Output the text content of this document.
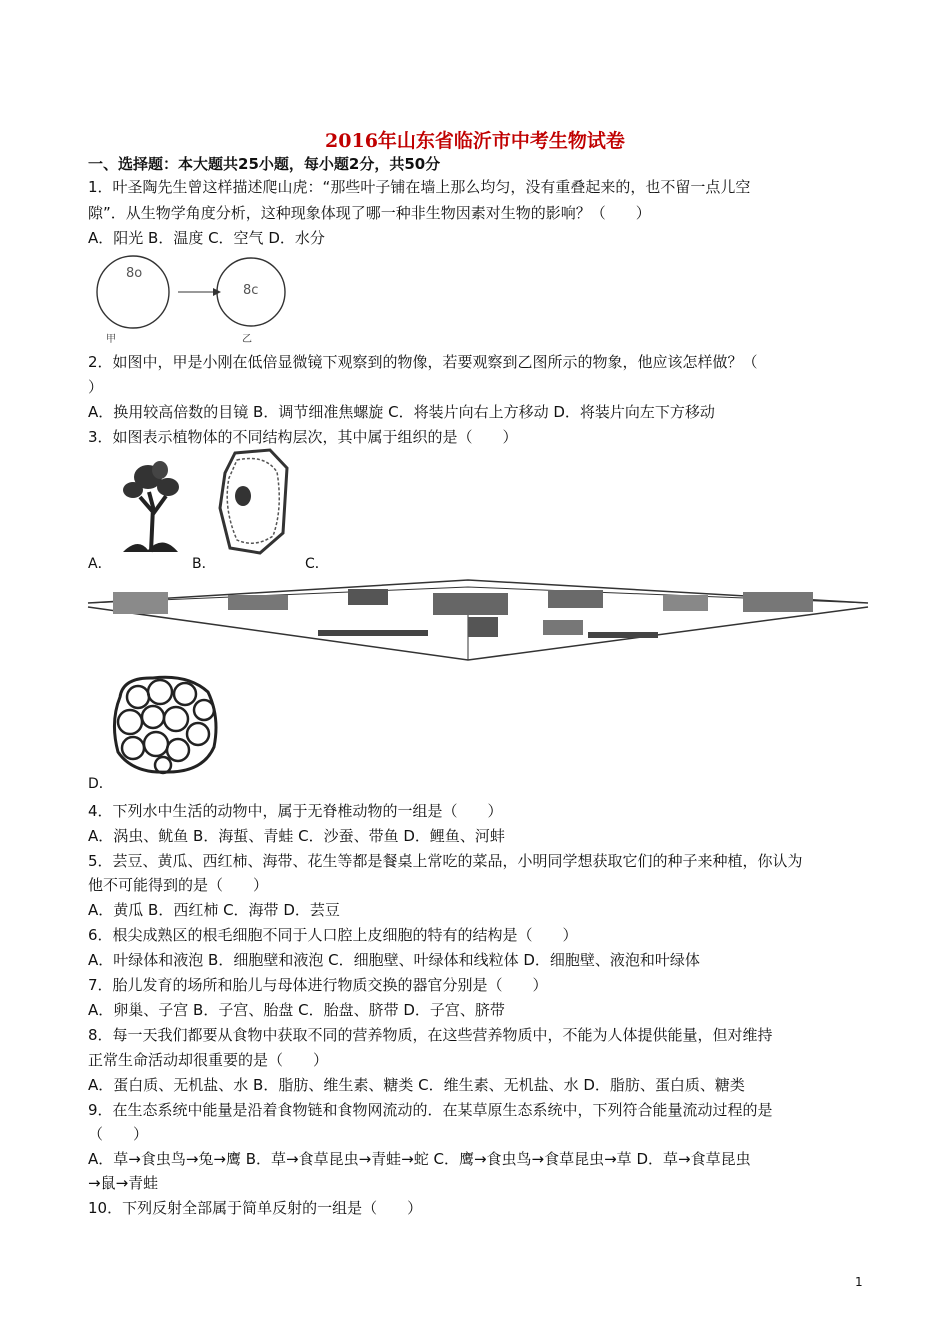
2016年山东省临沂市中考生物试卷
一、选择题：本大题共25小题，每小题2分，共50分
1．叶圣陶先生曾这样描述爬山虎：“那些叶子铺在墙上那么均匀，没有重叠起来的，也不留一点儿空
隙”．从生物学角度分析，这种现象体现了哪一种非生物因素对生物的影响？（　　）
A．阳光 B．温度 C．空气 D．水分
8o
8c
甲	乙
2．如图中，甲是小刚在低倍显微镜下观察到的物像，若要观察到乙图所示的物象，他应该怎样做？（
）
A．换用较高倍数的目镜 B．调节细准焦螺旋 C．将装片向右上方移动 D．将装片向左下方移动
3．如图表示植物体的不同结构层次，其中属于组织的是（　　）
A．	B．	C．
D．
4．下列水中生活的动物中，属于无脊椎动物的一组是（　　）
A．涡虫、鱿鱼 B．海蜇、青蛙 C．沙蚕、带鱼 D．鲤鱼、河蚌
5．芸豆、黄瓜、西红柿、海带、花生等都是餐桌上常吃的菜品，小明同学想获取它们的种子来种植，你认为
他不可能得到的是（　　）
A．黄瓜 B．西红柿 C．海带 D．芸豆
6．根尖成熟区的根毛细胞不同于人口腔上皮细胞的特有的结构是（　　）
A．叶绿体和液泡 B．细胞壁和液泡 C．细胞壁、叶绿体和线粒体 D．细胞壁、液泡和叶绿体
7．胎儿发育的场所和胎儿与母体进行物质交换的器官分别是（　　）
A．卵巢、子宫 B．子宫、胎盘 C．胎盘、脐带 D．子宫、脐带
8．每一天我们都要从食物中获取不同的营养物质，在这些营养物质中，不能为人体提供能量，但对维持
正常生命活动却很重要的是（　　）
A．蛋白质、无机盐、水 B．脂肪、维生素、糖类 C．维生素、无机盐、水 D．脂肪、蛋白质、糖类
9．在生态系统中能量是沿着食物链和食物网流动的．在某草原生态系统中，下列符合能量流动过程的是
（　　）
A．草→食虫鸟→兔→鹰 B．草→食草昆虫→青蛙→蛇 C．鹰→食虫鸟→食草昆虫→草 D．草→食草昆虫
→鼠→青蛙
10．下列反射全部属于简单反射的一组是（　　）
1
